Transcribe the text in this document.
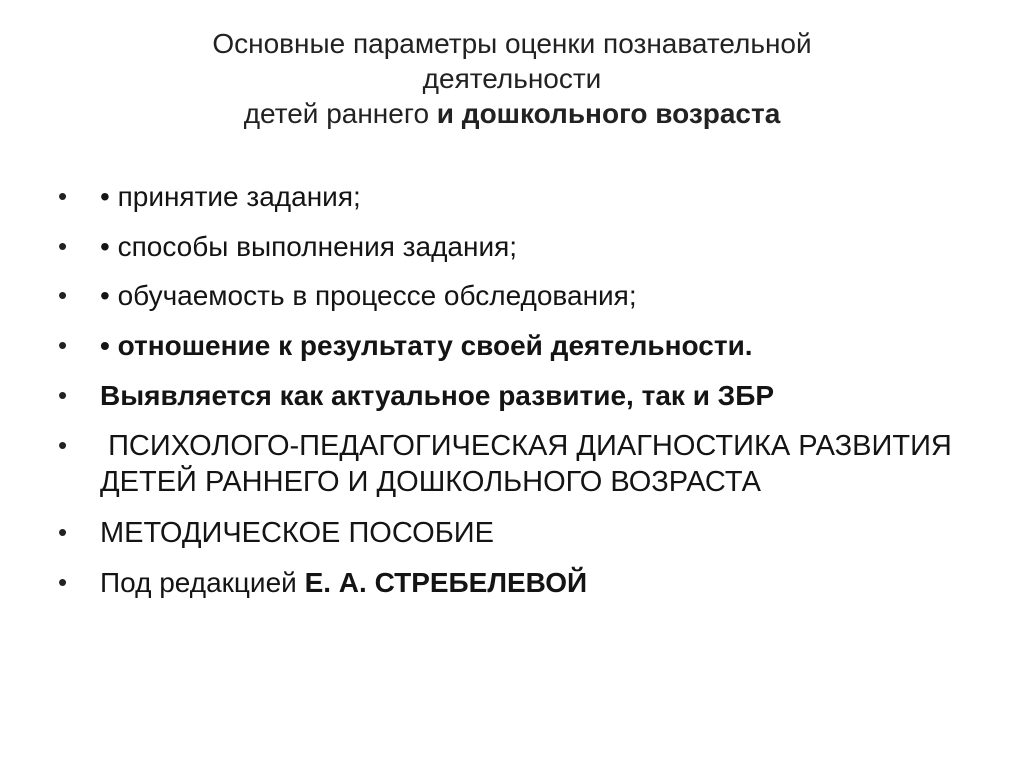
Основные параметры оценки познавательной
деятельности
детей раннего и дошкольного возраста
• • принятие задания;
• • способы выполнения задания;
• • обучаемость в процессе обследования;
• • отношение к результату своей деятельности.
• Выявляется как актуальное развитие, так и ЗБР
• ПСИХОЛОГО-ПЕДАГОГИЧЕСКАЯ ДИАГНОСТИКА РАЗВИТИЯ ДЕТЕЙ РАННЕГО И ДОШКОЛЬНОГО ВОЗРАСТА
• МЕТОДИЧЕСКОЕ ПОСОБИЕ
• Под редакцией Е. А. СТРЕБЕЛЕВОЙ
